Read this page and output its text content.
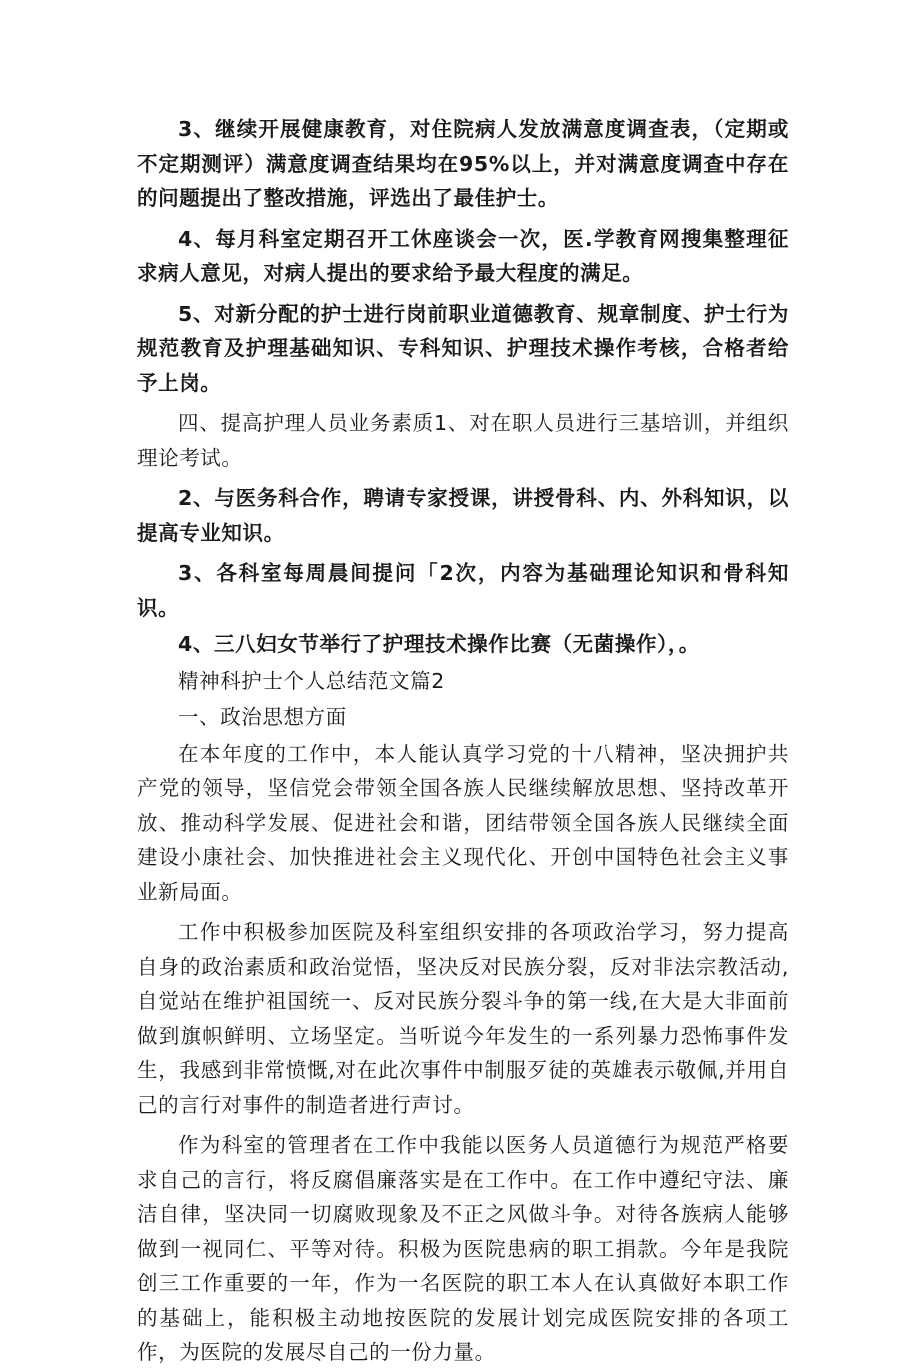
3、继续开展健康教育，对住院病人发放满意度调查表，（定期或不定期测评）满意度调查结果均在95%以上，并对满意度调查中存在的问题提出了整改措施，评选出了最佳护士。

4、每月科室定期召开工休座谈会一次，医.学教育网搜集整理征求病人意见，对病人提出的要求给予最大程度的满足。

5、对新分配的护士进行岗前职业道德教育、规章制度、护士行为规范教育及护理基础知识、专科知识、护理技术操作考核，合格者给予上岗。

四、提高护理人员业务素质1、对在职人员进行三基培训，并组织理论考试。

2、与医务科合作，聘请专家授课，讲授骨科、内、外科知识，以提高专业知识。

3、各科室每周晨间提问「2次，内容为基础理论知识和骨科知识。

4、三八妇女节举行了护理技术操作比赛（无菌操作），。

精神科护士个人总结范文篇2

一、政治思想方面

在本年度的工作中，本人能认真学习党的十八精神，坚决拥护共产党的领导，坚信党会带领全国各族人民继续解放思想、坚持改革开放、推动科学发展、促进社会和谐，团结带领全国各族人民继续全面建设小康社会、加快推进社会主义现代化、开创中国特色社会主义事业新局面。

工作中积极参加医院及科室组织安排的各项政治学习，努力提高自身的政治素质和政治觉悟，坚决反对民族分裂，反对非法宗教活动,自觉站在维护祖国统一、反对民族分裂斗争的第一线,在大是大非面前做到旗帜鲜明、立场坚定。当听说今年发生的一系列暴力恐怖事件发生，我感到非常愤慨,对在此次事件中制服歹徒的英雄表示敬佩,并用自己的言行对事件的制造者进行声讨。

作为科室的管理者在工作中我能以医务人员道德行为规范严格要求自己的言行，将反腐倡廉落实是在工作中。在工作中遵纪守法、廉洁自律，坚决同一切腐败现象及不正之风做斗争。对待各族病人能够做到一视同仁、平等对待。积极为医院患病的职工捐款。今年是我院创三工作重要的一年，作为一名医院的职工本人在认真做好本职工作的基础上，能积极主动地按医院的发展计划完成医院安排的各项工作，为医院的发展尽自己的一份力量。
